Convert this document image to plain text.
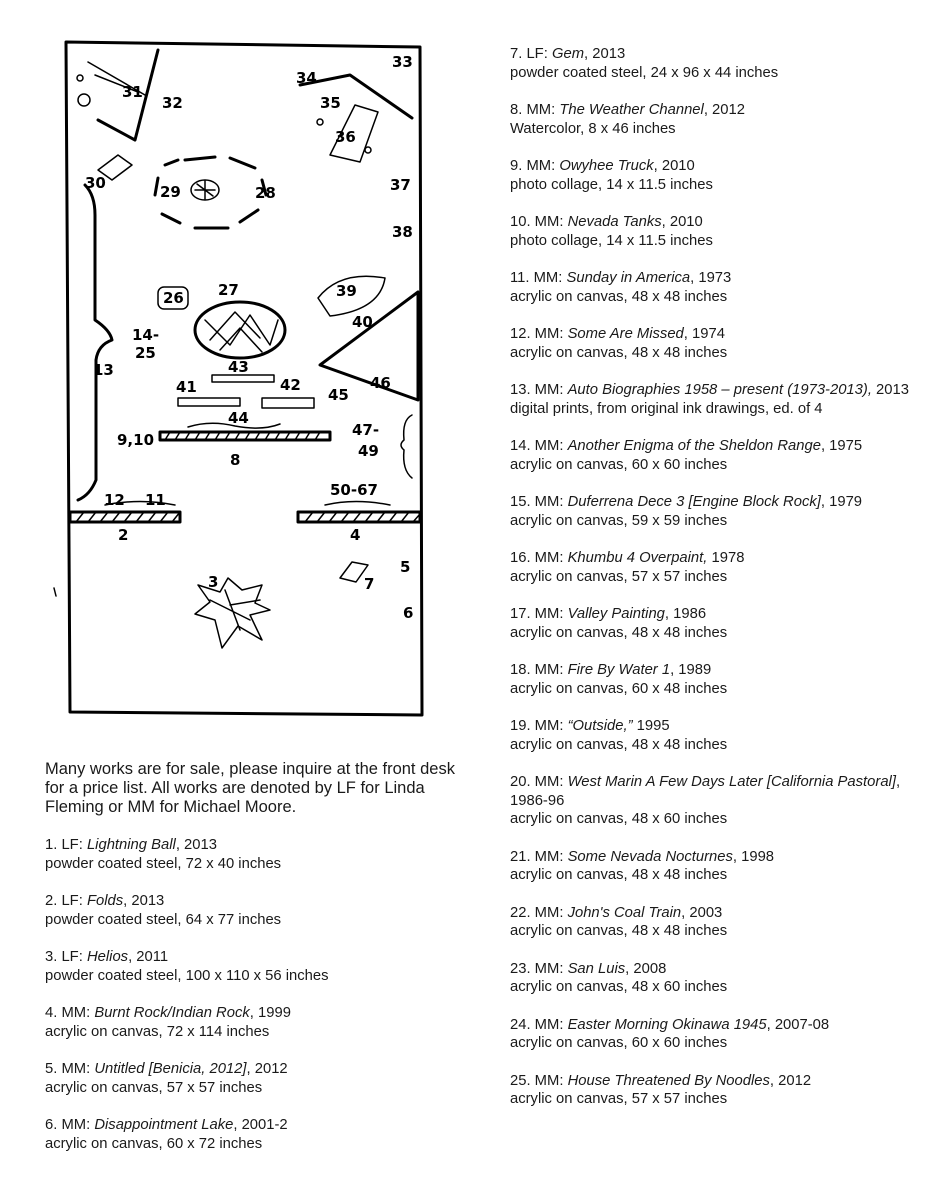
33
34
35
36
37
38
31
32
30	29	28
27
26	39
40
14-
25
13	43
41	42
45
46
44
9,10
8
47-
49
12 11
50-67
2	4
3
5
7
6
Many works are for sale, please inquire at the front desk for a price list. All works are denoted by LF for Linda Fleming or MM for Michael Moore.
1. LF: Lightning Ball, 2013
powder coated steel, 72 x 40 inches
2. LF: Folds, 2013
powder coated steel, 64 x 77 inches
3. LF: Helios, 2011
powder coated steel, 100 x 110 x 56 inches
4. MM: Burnt Rock/Indian Rock, 1999
acrylic on canvas, 72 x 114 inches
5. MM: Untitled [Benicia, 2012], 2012
acrylic on canvas, 57 x 57 inches
6. MM: Disappointment Lake, 2001-2
acrylic on canvas, 60 x 72 inches
7. LF: Gem, 2013
powder coated steel, 24 x 96 x 44 inches
8. MM: The Weather Channel, 2012
Watercolor, 8 x 46 inches
9. MM: Owyhee Truck, 2010
photo collage, 14 x 11.5 inches
10. MM: Nevada Tanks, 2010
photo collage, 14 x 11.5 inches
11. MM: Sunday in America, 1973
acrylic on canvas, 48 x 48 inches
12. MM: Some Are Missed, 1974
acrylic on canvas, 48 x 48 inches
13. MM: Auto Biographies 1958 – present (1973-2013), 2013
digital prints, from original ink drawings, ed. of 4
14. MM: Another Enigma of the Sheldon Range, 1975
acrylic on canvas, 60 x 60 inches
15. MM: Duferrena Dece 3 [Engine Block Rock], 1979
acrylic on canvas, 59 x 59 inches
16. MM: Khumbu 4 Overpaint, 1978
acrylic on canvas, 57 x 57 inches
17. MM: Valley Painting, 1986
acrylic on canvas, 48 x 48 inches
18. MM: Fire By Water 1, 1989
acrylic on canvas, 60 x 48 inches
19. MM: “Outside,” 1995
acrylic on canvas, 48 x 48 inches
20. MM: West Marin A Few Days Later [California Pastoral], 1986-96
acrylic on canvas, 48 x 60 inches
21. MM: Some Nevada Nocturnes, 1998
acrylic on canvas, 48 x 48 inches
22. MM: John's Coal Train, 2003
acrylic on canvas, 48 x 48 inches
23. MM: San Luis, 2008
acrylic on canvas, 48 x 60 inches
24. MM: Easter Morning Okinawa 1945, 2007-08
acrylic on canvas, 60 x 60 inches
25. MM: House Threatened By Noodles, 2012
acrylic on canvas, 57 x 57 inches
